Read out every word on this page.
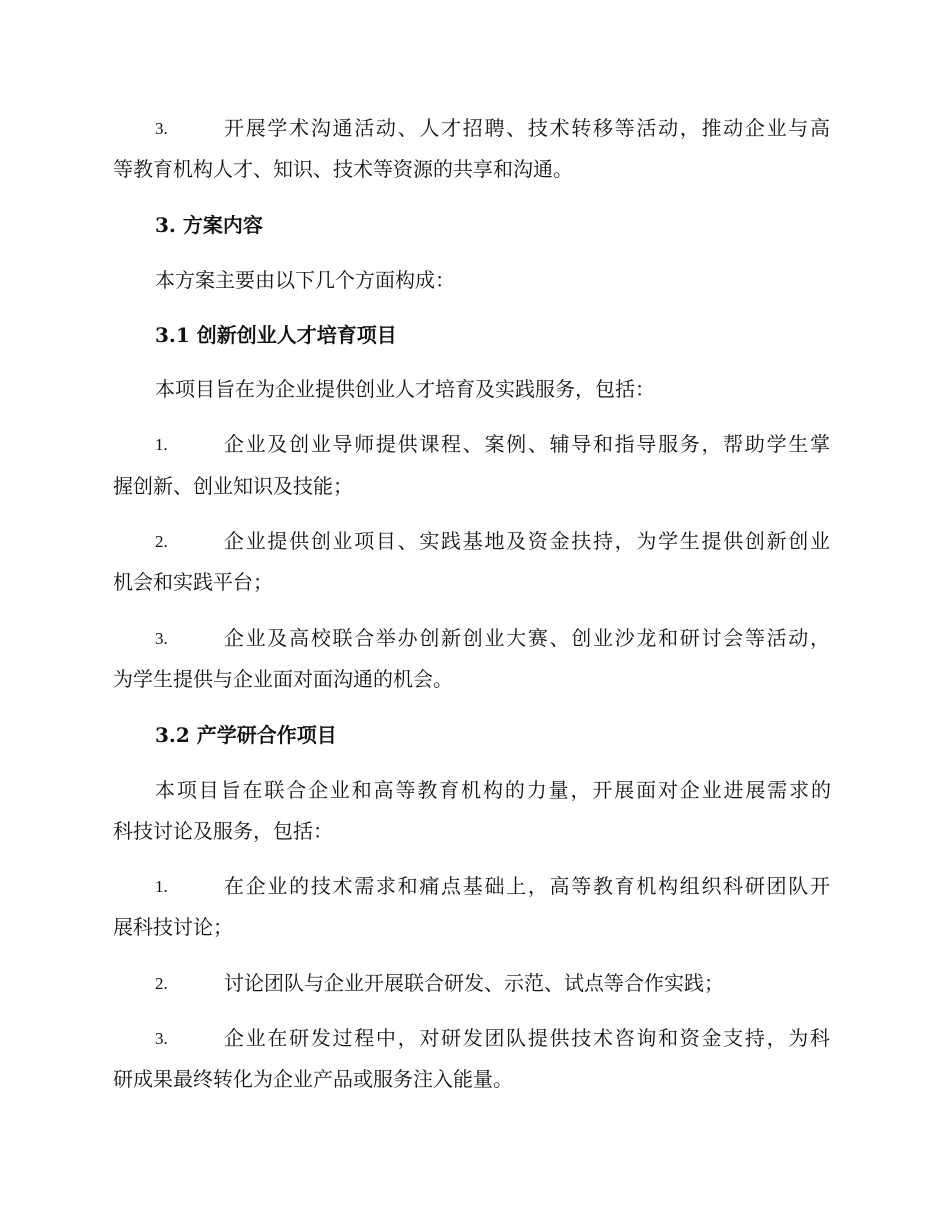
3.	开展学术沟通活动、人才招聘、技术转移等活动，推动企业与高
等教育机构人才、知识、技术等资源的共享和沟通。
3. 方案内容
本方案主要由以下几个方面构成：
3.1 创新创业人才培育项目
本项目旨在为企业提供创业人才培育及实践服务，包括：
1.	企业及创业导师提供课程、案例、辅导和指导服务，帮助学生掌
握创新、创业知识及技能；
2.	企业提供创业项目、实践基地及资金扶持，为学生提供创新创业
机会和实践平台；
3.	企业及高校联合举办创新创业大赛、创业沙龙和研讨会等活动，
为学生提供与企业面对面沟通的机会。
3.2 产学研合作项目
本项目旨在联合企业和高等教育机构的力量，开展面对企业进展需求的
科技讨论及服务，包括：
1.	在企业的技术需求和痛点基础上，高等教育机构组织科研团队开
展科技讨论；
2.	讨论团队与企业开展联合研发、示范、试点等合作实践；
3.	企业在研发过程中，对研发团队提供技术咨询和资金支持，为科
研成果最终转化为企业产品或服务注入能量。
